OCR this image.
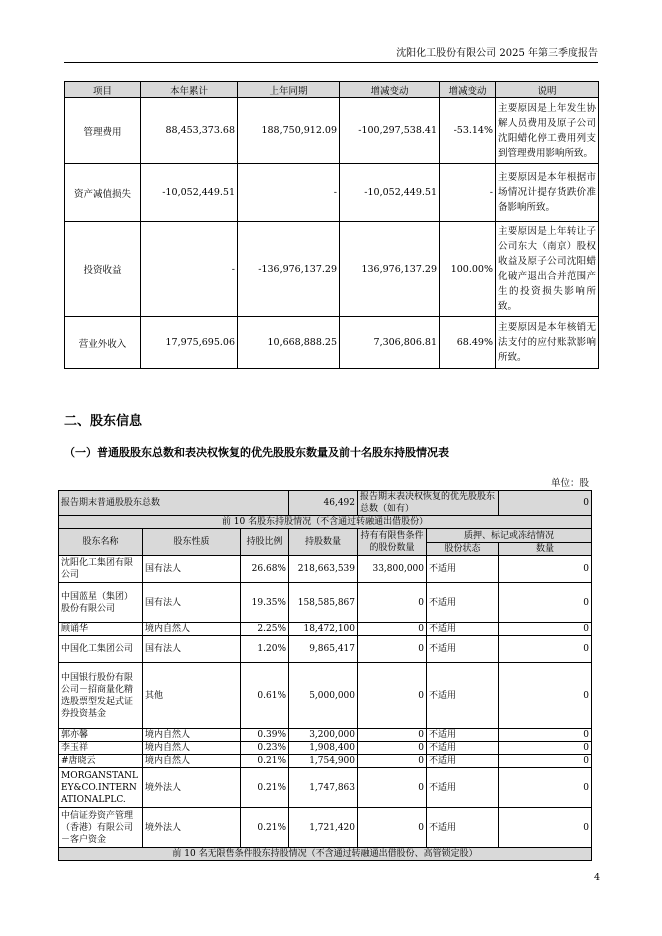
沈阳化工股份有限公司 2025 年第三季度报告
项目	本年累计	上年同期	增减变动	增减变动	说明
管理费用	88,453,373.68	188,750,912.09	-100,297,538.41	-53.14%	主要原因是上年发生协解人员费用及原子公司沈阳蜡化停工费用列支到管理费用影响所致。
资产减值损失	-10,052,449.51	-	-10,052,449.51	-	主要原因是本年根据市场情况计提存货跌价准备影响所致。
投资收益	-	-136,976,137.29	136,976,137.29	100.00%	主要原因是上年转让子公司东大（南京）股权收益及原子公司沈阳蜡化破产退出合并范围产生的投资损失影响所致。
营业外收入	17,975,695.06	10,668,888.25	7,306,806.81	68.49%	主要原因是本年核销无法支付的应付账款影响所致。
二、股东信息
（一）普通股股东总数和表决权恢复的优先股股东数量及前十名股东持股情况表
单位：股
报告期末普通股股东总数			46,492	报告期末表决权恢复的优先股股东总数（如有）		0
前 10 名股东持股情况（不含通过转融通出借股份）						
股东名称	股东性质	持股比例	持股数量	持有有限售条件的股份数量	质押、标记或冻结情况	
					股份状态	数量
沈阳化工集团有限公司	国有法人	26.68%	218,663,539	33,800,000	不适用	0
中国蓝星（集团）股份有限公司	国有法人	19.35%	158,585,867	0	不适用	0
顾诵华	境内自然人	2.25%	18,472,100	0	不适用	0
中国化工集团公司	国有法人	1.20%	9,865,417	0	不适用	0
中国银行股份有限公司－招商量化精选股票型发起式证券投资基金	其他	0.61%	5,000,000	0	不适用	0
郭亦馨	境内自然人	0.39%	3,200,000	0	不适用	0
李玉祥	境内自然人	0.23%	1,908,400	0	不适用	0
#唐晓云	境内自然人	0.21%	1,754,900	0	不适用	0
MORGANSTANLEY&CO.INTERNATIONALPLC.	境外法人	0.21%	1,747,863	0	不适用	0
中信证券资产管理（香港）有限公司－客户资金	境外法人	0.21%	1,721,420	0	不适用	0
前 10 名无限售条件股东持股情况（不含通过转融通出借股份、高管锁定股）						
4
